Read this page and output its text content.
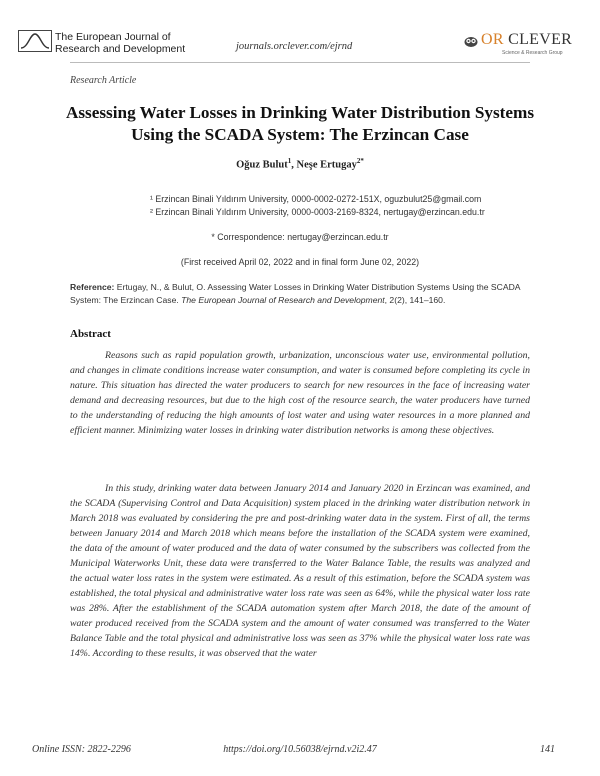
The European Journal of
Research and Development	journals.orclever.com/ejrnd	OR CLEVER
Science & Research Group
Research Article
Assessing Water Losses in Drinking Water Distribution Systems Using the SCADA System: The Erzincan Case
Oğuz Bulut$^1$, Neşe Ertugay$^{2*}$
¹ Erzincan Binali Yıldırım University, 0000-0002-0272-151X, oguzbulut25@gmail.com
² Erzincan Binali Yıldırım University, 0000-0003-2169-8324, nertugay@erzincan.edu.tr
* Correspondence: nertugay@erzincan.edu.tr
(First received April 02, 2022 and in final form June 02, 2022)
Reference: Ertugay, N., & Bulut, O. Assessing Water Losses in Drinking Water Distribution Systems Using the SCADA System: The Erzincan Case. The European Journal of Research and Development, 2(2), 141–160.
Abstract
Reasons such as rapid population growth, urbanization, unconscious water use, environmental pollution, and changes in climate conditions increase water consumption, and water is consumed before completing its cycle in nature. This situation has directed the water producers to search for new resources in the face of increasing water demand and decreasing resources, but due to the high cost of the resource search, the water producers have turned to the understanding of reducing the high amounts of lost water and using water resources in a more planned and efficient manner. Minimizing water losses in drinking water distribution networks is among these objectives.
In this study, drinking water data between January 2014 and January 2020 in Erzincan was examined, and the SCADA (Supervising Control and Data Acquisition) system placed in the drinking water distribution network in March 2018 was evaluated by considering the pre and post-drinking water data in the system. First of all, the terms between January 2014 and March 2018 which means before the installation of the SCADA system were examined, the data of the amount of water produced and the data of water consumed by the subscribers was collected from the Municipal Waterworks Unit, these data were transferred to the Water Balance Table, the results was analyzed and the actual water loss rates in the system were estimated. As a result of this estimation, before the SCADA system was established, the total physical and administrative water loss rate was seen as 64%, while the physical water loss rate was 28%. After the establishment of the SCADA automation system after March 2018, the date of the amount of water produced received from the SCADA system and the amount of water consumed was transferred to the Water Balance Table and the total physical and administrative loss was seen as 37% while the physical water loss rate was 14%. According to these results, it was observed that the water
Online ISSN: 2822-2296	https://doi.org/10.56038/ejrnd.v2i2.47	141
